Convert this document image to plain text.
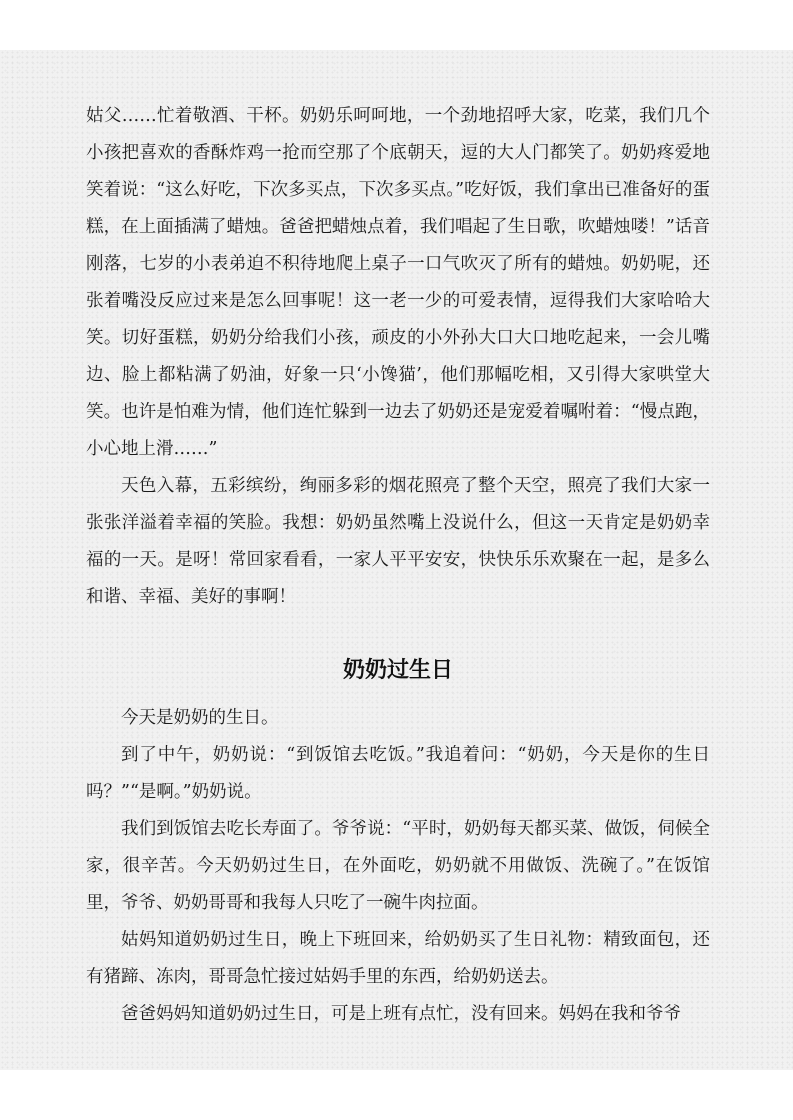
姑父……忙着敬酒、干杯。奶奶乐呵呵地，一个劲地招呼大家，吃菜，我们几个小孩把喜欢的香酥炸鸡一抢而空那了个底朝天，逗的大人门都笑了。奶奶疼爱地笑着说：“这么好吃，下次多买点，下次多买点。”吃好饭，我们拿出已准备好的蛋糕，在上面插满了蜡烛。爸爸把蜡烛点着，我们唱起了生日歌，吹蜡烛喽！”话音刚落，七岁的小表弟迫不积待地爬上桌子一口气吹灭了所有的蜡烛。奶奶呢，还张着嘴没反应过来是怎么回事呢！这一老一少的可爱表情，逗得我们大家哈哈大笑。切好蛋糕，奶奶分给我们小孩，顽皮的小外孙大口大口地吃起来，一会儿嘴边、脸上都粘满了奶油，好象一只‘小馋猫’，他们那幅吃相，又引得大家哄堂大笑。也许是怕难为情，他们连忙躲到一边去了奶奶还是宠爱着嘱咐着：“慢点跑，小心地上滑……”

天色入幕，五彩缤纷，绚丽多彩的烟花照亮了整个天空，照亮了我们大家一张张洋溢着幸福的笑脸。我想：奶奶虽然嘴上没说什么，但这一天肯定是奶奶幸福的一天。是呀！常回家看看，一家人平平安安，快快乐乐欢聚在一起，是多么和谐、幸福、美好的事啊！

奶奶过生日

今天是奶奶的生日。

到了中午，奶奶说：“到饭馆去吃饭。”我追着问：“奶奶，今天是你的生日吗？”“是啊。”奶奶说。

我们到饭馆去吃长寿面了。爷爷说：“平时，奶奶每天都买菜、做饭，伺候全家，很辛苦。今天奶奶过生日，在外面吃，奶奶就不用做饭、洗碗了。”在饭馆里，爷爷、奶奶哥哥和我每人只吃了一碗牛肉拉面。

姑妈知道奶奶过生日，晚上下班回来，给奶奶买了生日礼物：精致面包，还有猪蹄、冻肉，哥哥急忙接过姑妈手里的东西，给奶奶送去。

爸爸妈妈知道奶奶过生日，可是上班有点忙，没有回来。妈妈在我和爷爷
